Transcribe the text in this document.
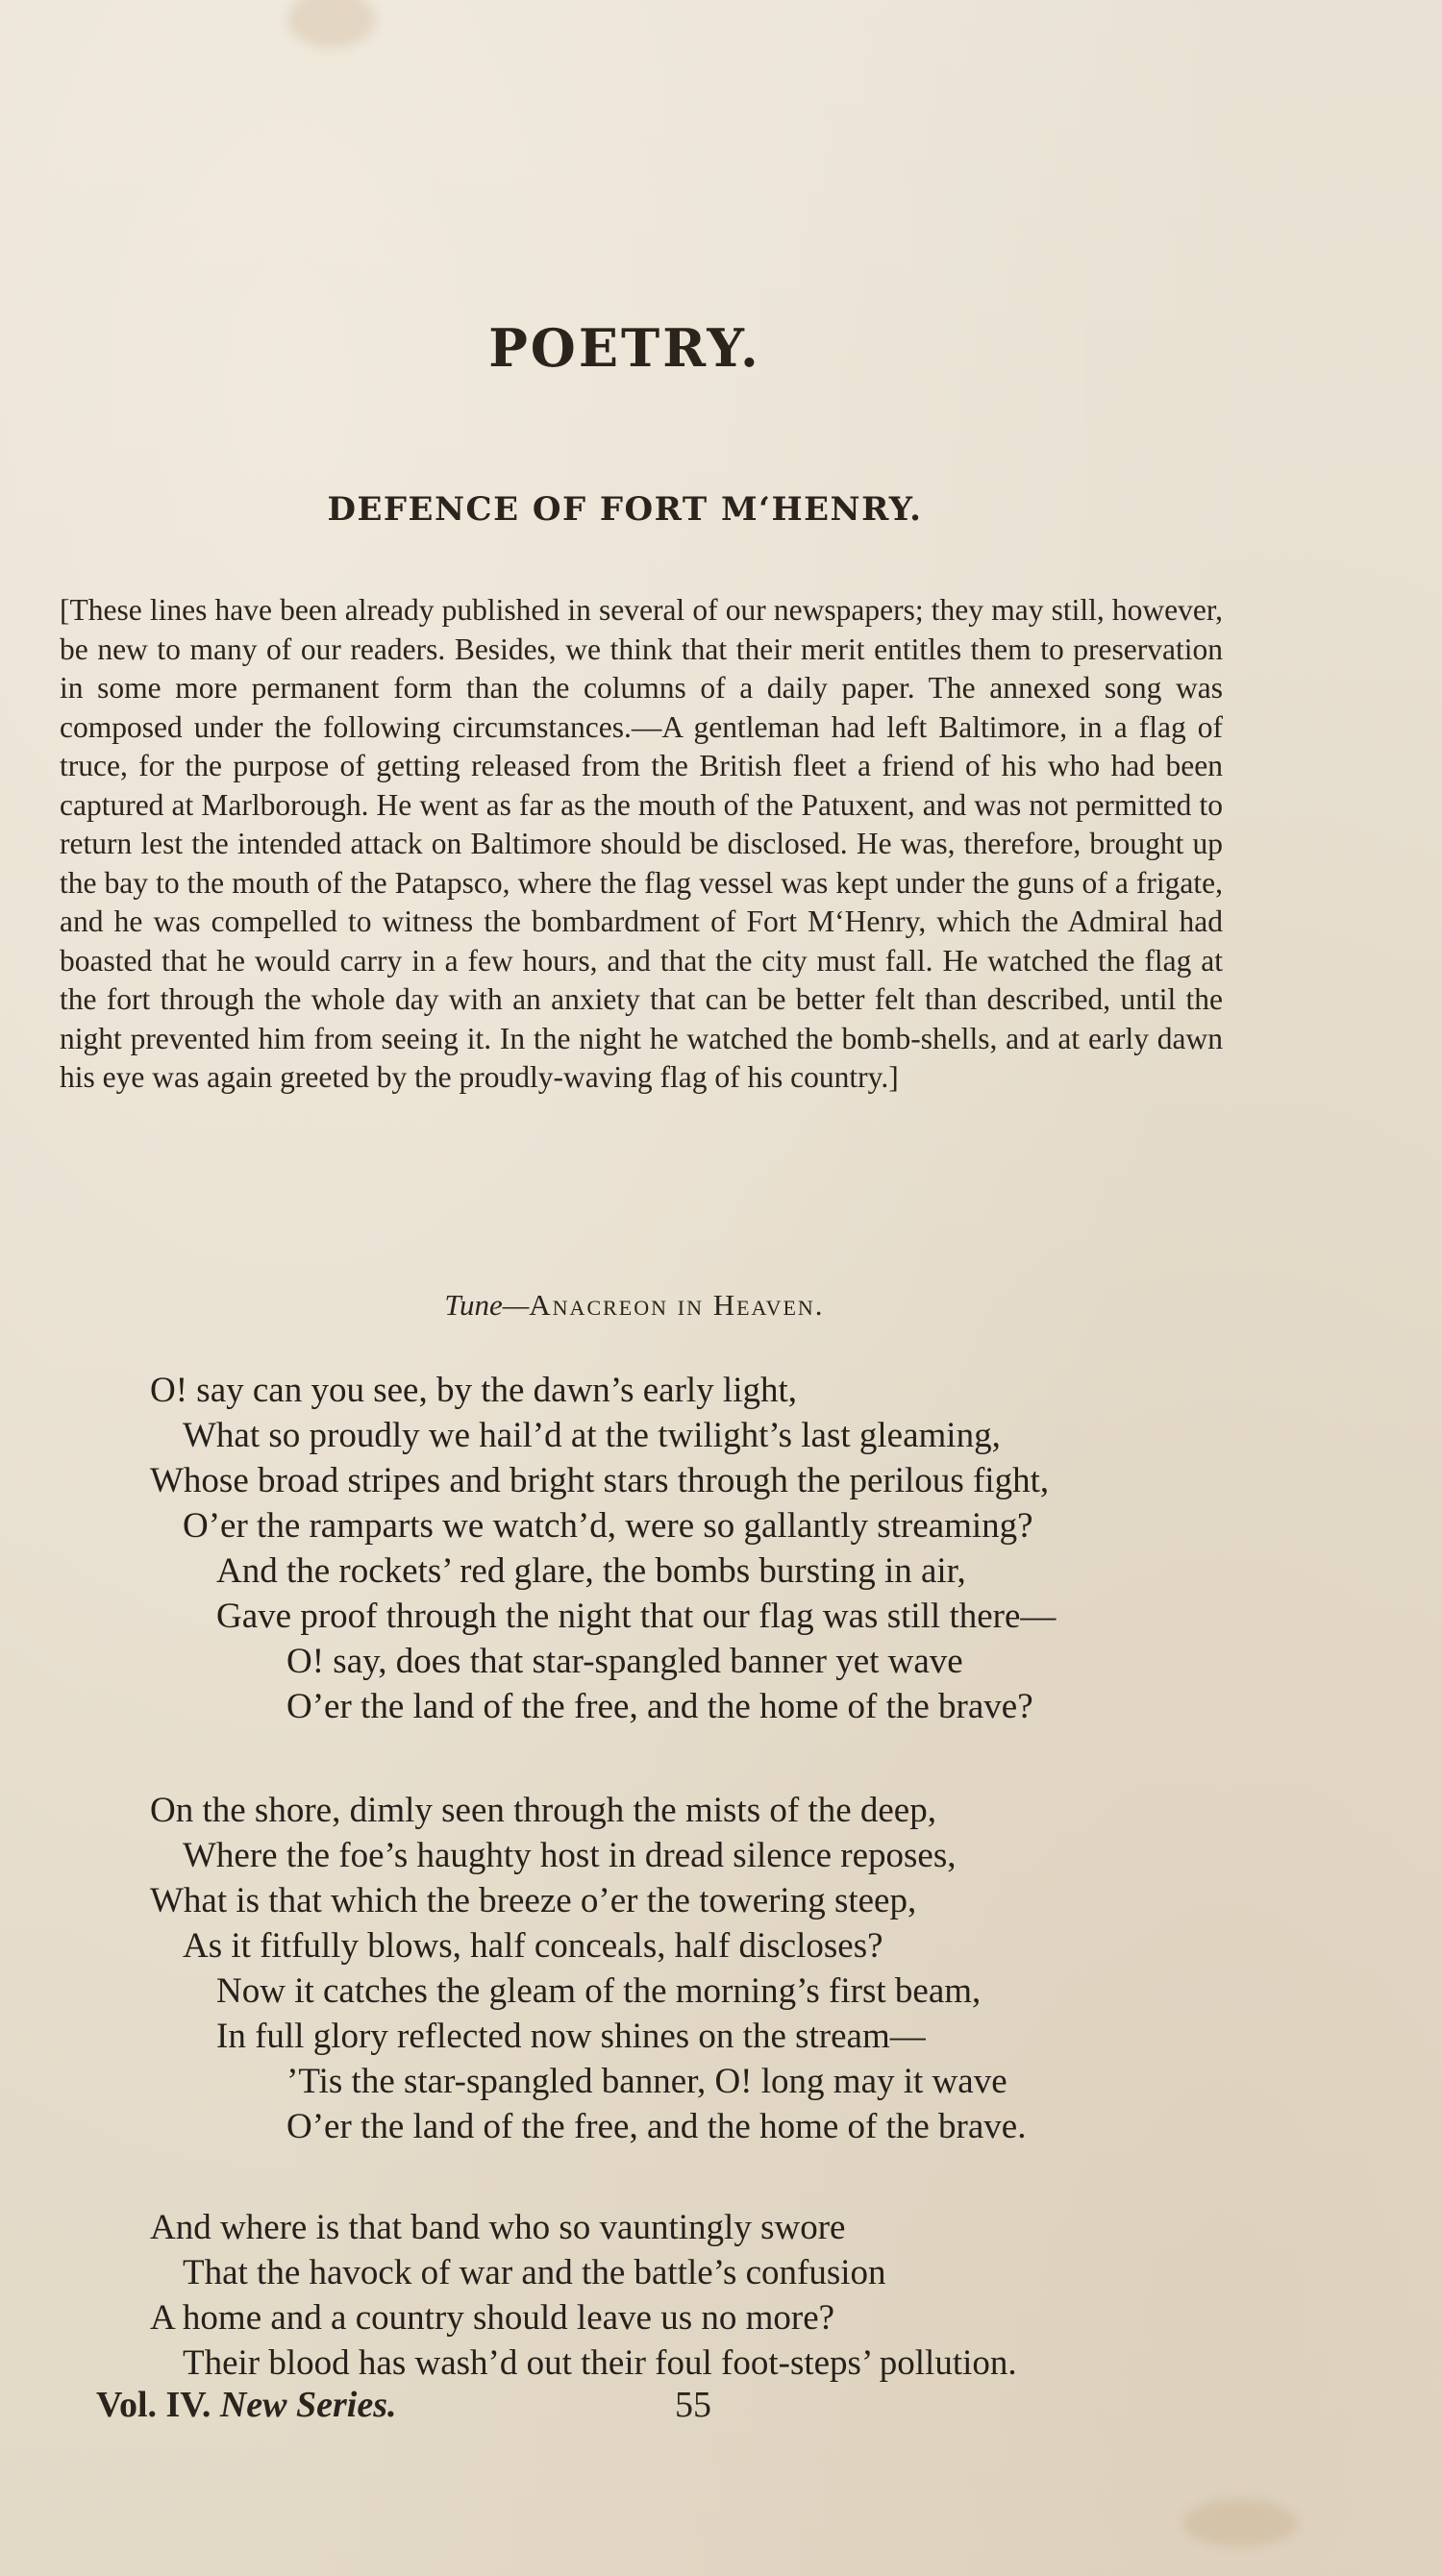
POETRY.
DEFENCE OF FORT M‘HENRY.

[These lines have been already published in several of our newspapers; they may still, however, be new to many of our readers. Besides, we think that their merit entitles them to preservation in some more permanent form than the columns of a daily paper. The annexed song was composed under the following circumstances.—A gentleman had left Baltimore, in a flag of truce, for the purpose of getting released from the British fleet a friend of his who had been captured at Marlborough. He went as far as the mouth of the Patuxent, and was not permitted to return lest the intended attack on Baltimore should be disclosed. He was, therefore, brought up the bay to the mouth of the Patapsco, where the flag vessel was kept under the guns of a frigate, and he was compelled to witness the bombardment of Fort M‘Henry, which the Admiral had boasted that he would carry in a few hours, and that the city must fall. He watched the flag at the fort through the whole day with an anxiety that can be better felt than described, until the night prevented him from seeing it. In the night he watched the bomb-shells, and at early dawn his eye was again greeted by the proudly-waving flag of his country.]

Tune—Anacreon in Heaven.
O! say can you see, by the dawn’s early light,
What so proudly we hail’d at the twilight’s last gleaming,
Whose broad stripes and bright stars through the perilous fight,
O’er the ramparts we watch’d, were so gallantly streaming?
And the rockets’ red glare, the bombs bursting in air,
Gave proof through the night that our flag was still there—
O! say, does that star-spangled banner yet wave
O’er the land of the free, and the home of the brave?
On the shore, dimly seen through the mists of the deep,
Where the foe’s haughty host in dread silence reposes,
What is that which the breeze o’er the towering steep,
As it fitfully blows, half conceals, half discloses?
Now it catches the gleam of the morning’s first beam,
In full glory reflected now shines on the stream—
’Tis the star-spangled banner, O! long may it wave
O’er the land of the free, and the home of the brave.
And where is that band who so vauntingly swore
That the havock of war and the battle’s confusion
A home and a country should leave us no more?
Their blood has wash’d out their foul foot-steps’ pollution.
Vol. IV. New Series.	55
